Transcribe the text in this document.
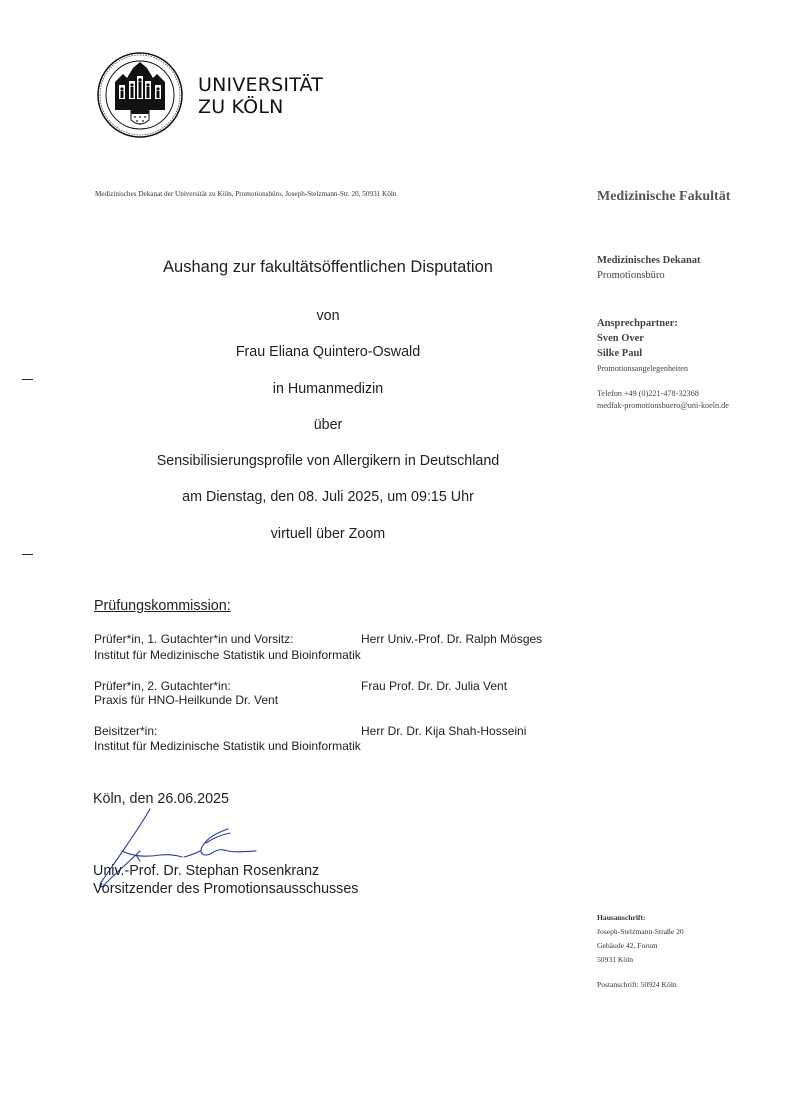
UNIVERSITÄT
ZU KÖLN
Medizinisches Dekanat der Universität zu Köln, Promotionsbüro, Joseph-Stelzmann-Str. 20, 50931 Köln	Medizinische Fakultät
Medizinisches Dekanat
Promotionsbüro
Ansprechpartner:
Sven Over
Silke Paul
Promotionsangelegenheiten
Telefon +49 (0)221-478-32368
medfak-promotionsbuero@uni-koeln.de
Hausanschrift:
Joseph-Stelzmann-Straße 20
Gebäude 42, Forum
50931 Köln
Postanschrift: 50924 Köln
Aushang zur fakultätsöffentlichen Disputation
von
Frau Eliana Quintero-Oswald
in Humanmedizin
über
Sensibilisierungsprofile von Allergikern in Deutschland
am Dienstag, den 08. Juli 2025, um 09:15 Uhr
virtuell über Zoom
Prüfungskommission:
Prüfer*in, 1. Gutachter*in und Vorsitz:	Herr Univ.-Prof. Dr. Ralph Mösges
Institut für Medizinische Statistik und Bioinformatik
Prüfer*in, 2. Gutachter*in:	Frau Prof. Dr. Dr. Julia Vent
Praxis für HNO-Heilkunde Dr. Vent
Beisitzer*in:	Herr Dr. Dr. Kija Shah-Hosseini
Institut für Medizinische Statistik und Bioinformatik
Köln, den 26.06.2025
Univ.-Prof. Dr. Stephan Rosenkranz
Vorsitzender des Promotionsausschusses
